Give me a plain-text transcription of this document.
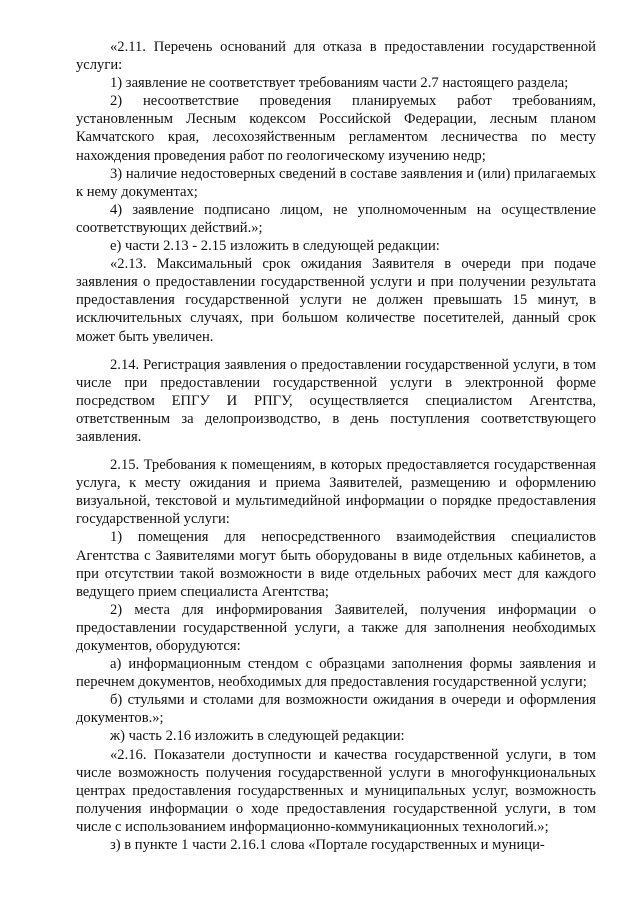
«2.11. Перечень оснований для отказа в предоставлении государственной услуги:

1) заявление не соответствует требованиям части 2.7 настоящего раздела;

2) несоответствие проведения планируемых работ требованиям, установленным Лесным кодексом Российской Федерации, лесным планом Камчатского края, лесохозяйственным регламентом лесничества по месту нахождения проведения работ по геологическому изучению недр;

3) наличие недостоверных сведений в составе заявления и (или) прилагаемых к нему документах;

4) заявление подписано лицом, не уполномоченным на осуществление соответствующих действий.»;

е) части 2.13 - 2.15 изложить в следующей редакции:

«2.13. Максимальный срок ожидания Заявителя в очереди при подаче заявления о предоставлении государственной услуги и при получении результата предоставления государственной услуги не должен превышать 15 минут, в исключительных случаях, при большом количестве посетителей, данный срок может быть увеличен.

2.14. Регистрация заявления о предоставлении государственной услуги, в том числе при предоставлении государственной услуги в электронной форме посредством ЕПГУ И РПГУ, осуществляется специалистом Агентства, ответственным за делопроизводство, в день поступления соответствующего заявления.

2.15. Требования к помещениям, в которых предоставляется государственная услуга, к месту ожидания и приема Заявителей, размещению и оформлению визуальной, текстовой и мультимедийной информации о порядке предоставления государственной услуги:

1) помещения для непосредственного взаимодействия специалистов Агентства с Заявителями могут быть оборудованы в виде отдельных кабинетов, а при отсутствии такой возможности в виде отдельных рабочих мест для каждого ведущего прием специалиста Агентства;

2) места для информирования Заявителей, получения информации о предоставлении государственной услуги, а также для заполнения необходимых документов, оборудуются:

а) информационным стендом с образцами заполнения формы заявления и перечнем документов, необходимых для предоставления государственной услуги;

б) стульями и столами для возможности ожидания в очереди и оформления документов.»;

ж) часть 2.16 изложить в следующей редакции:

«2.16. Показатели доступности и качества государственной услуги, в том числе возможность получения государственной услуги в многофункциональных центрах предоставления государственных и муниципальных услуг, возможность получения информации о ходе предоставления государственной услуги, в том числе с использованием информационно-коммуникационных технологий.»;

з) в пункте 1 части 2.16.1 слова «Портале государственных и муници-
